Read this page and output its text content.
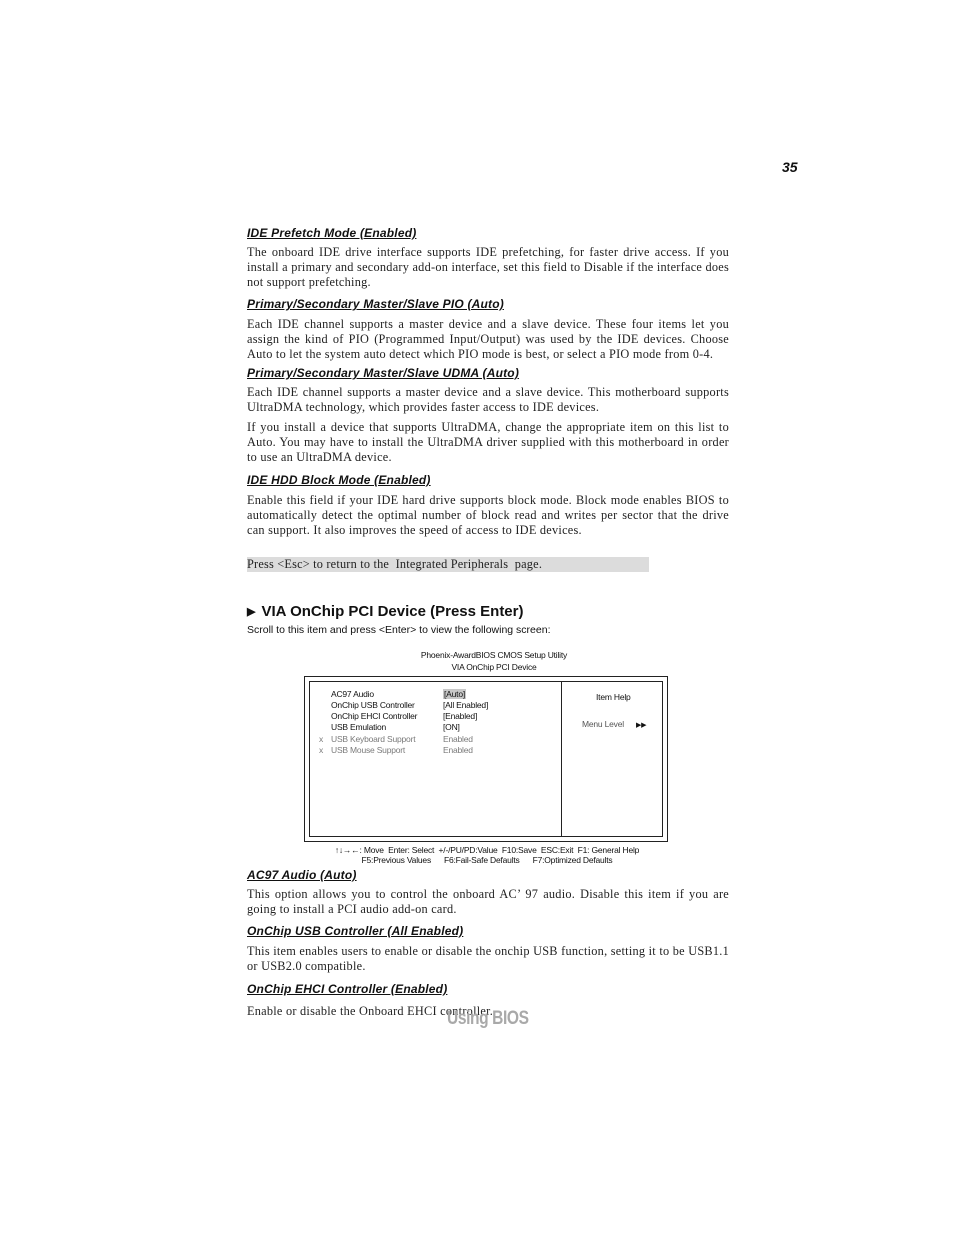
35

IDE Prefetch Mode (Enabled)

The onboard IDE drive interface supports IDE prefetching, for faster drive access. If you install a primary and secondary add-on interface, set this field to Disable if the interface does not support prefetching.

Primary/Secondary Master/Slave PIO (Auto)

Each IDE channel supports a master device and a slave device. These four items let you assign the kind of PIO (Programmed Input/Output) was used by the IDE devices. Choose Auto to let the system auto detect which PIO mode is best, or select a PIO mode from 0-4.

Primary/Secondary Master/Slave UDMA (Auto)

Each IDE channel supports a master device and a slave device. This motherboard supports UltraDMA technology, which provides faster access to IDE devices.

If you install a device that supports UltraDMA, change the appropriate item on this list to Auto. You may have to install the UltraDMA driver supplied with this motherboard in order to use an UltraDMA device.

IDE HDD Block Mode (Enabled)

Enable this field if your IDE hard drive supports block mode. Block mode enables BIOS to automatically detect the optimal number of block read and writes per sector that the drive can support. It also improves the speed of access to IDE devices.

Press <Esc> to return to the  Integrated Peripherals  page.
▶ VIA OnChip PCI Device (Press Enter)
Scroll to this item and press <Enter> to view the following screen:
Phoenix-AwardBIOS CMOS Setup Utility
VIA OnChip PCI Device
AC97 Audio	[Auto]
OnChip USB Controller	[All Enabled]
OnChip EHCI Controller	[Enabled]
USB Emulation	[ON]
x USB Keyboard Support	Enabled
x USB Mouse Support	Enabled
Item Help
Menu Level ▶▶
↑↓→←: Move  Enter: Select  +/-/PU/PD:Value  F10:Save  ESC:Exit  F1: General Help
F5:Previous Values      F6:Fail-Safe Defaults      F7:Optimized Defaults

AC97 Audio (Auto)

This option allows you to control the onboard AC’ 97 audio. Disable this item if you are going to install a PCI audio add-on card.

OnChip USB Controller (All Enabled)

This item enables users to enable or disable the onchip USB function, setting it to be USB1.1 or USB2.0 compatible.

OnChip EHCI Controller (Enabled)

Enable or disable the Onboard EHCI controller.

Using BIOS
